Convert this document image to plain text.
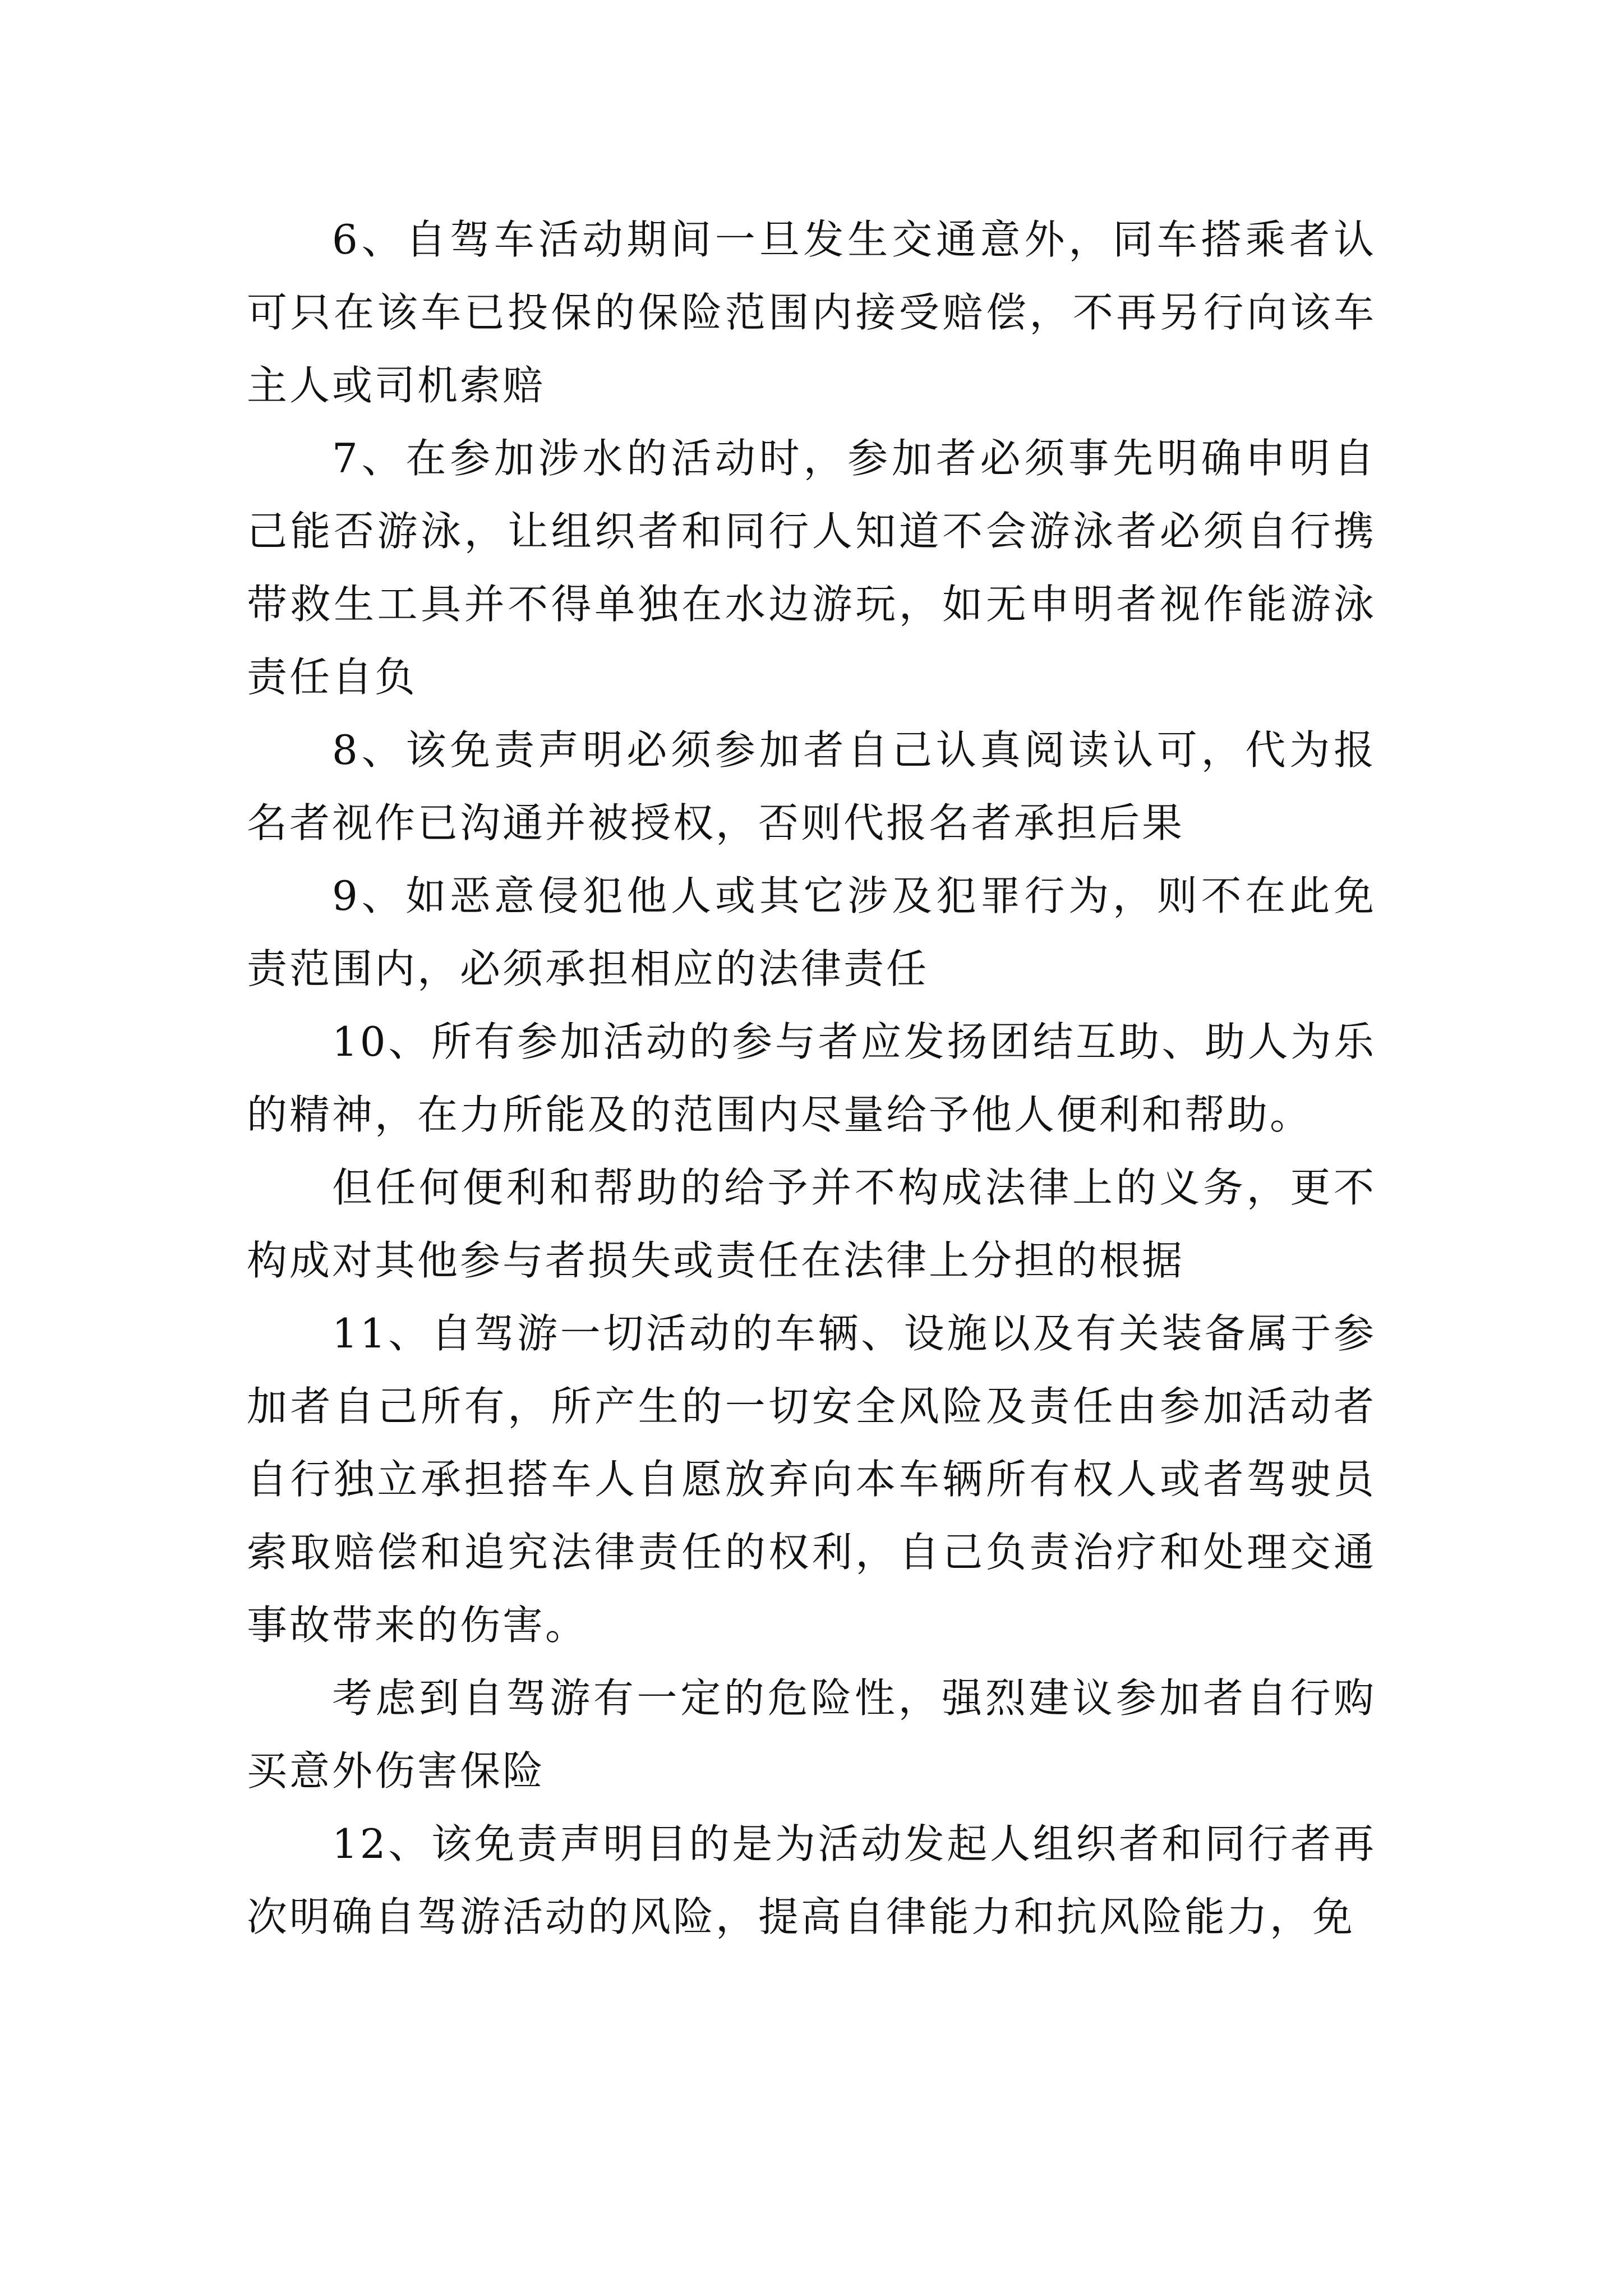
6、自驾车活动期间一旦发生交通意外，同车搭乘者认可只在该车已投保的保险范围内接受赔偿，不再另行向该车主人或司机索赔

7、在参加涉水的活动时，参加者必须事先明确申明自己能否游泳，让组织者和同行人知道不会游泳者必须自行携带救生工具并不得单独在水边游玩，如无申明者视作能游泳责任自负

8、该免责声明必须参加者自己认真阅读认可，代为报名者视作已沟通并被授权，否则代报名者承担后果

9、如恶意侵犯他人或其它涉及犯罪行为，则不在此免责范围内，必须承担相应的法律责任

10、所有参加活动的参与者应发扬团结互助、助人为乐的精神，在力所能及的范围内尽量给予他人便利和帮助。

但任何便利和帮助的给予并不构成法律上的义务，更不构成对其他参与者损失或责任在法律上分担的根据

11、自驾游一切活动的车辆、设施以及有关装备属于参加者自己所有，所产生的一切安全风险及责任由参加活动者自行独立承担搭车人自愿放弃向本车辆所有权人或者驾驶员索取赔偿和追究法律责任的权利，自己负责治疗和处理交通事故带来的伤害。

考虑到自驾游有一定的危险性，强烈建议参加者自行购买意外伤害保险

12、该免责声明目的是为活动发起人组织者和同行者再次明确自驾游活动的风险，提高自律能力和抗风险能力，免
